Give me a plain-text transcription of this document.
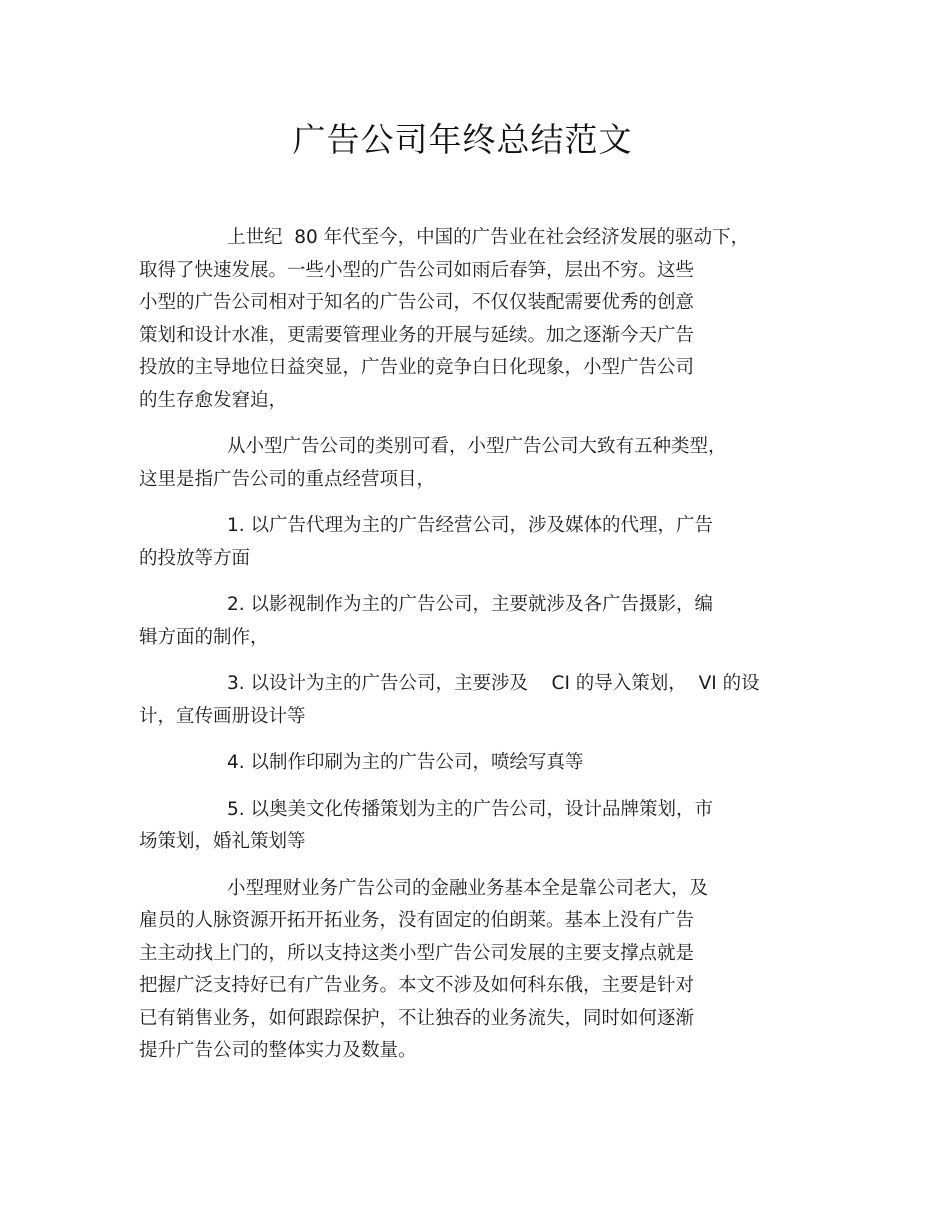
广告公司年终总结范文
上世纪  80 年代至今，中国的广告业在社会经济发展的驱动下，
取得了快速发展。一些小型的广告公司如雨后春笋，层出不穷。这些
小型的广告公司相对于知名的广告公司，不仅仅装配需要优秀的创意
策划和设计水准，更需要管理业务的开展与延续。加之逐渐今天广告
投放的主导地位日益突显，广告业的竞争白日化现象，小型广告公司
的生存愈发窘迫，
从小型广告公司的类别可看，小型广告公司大致有五种类型，
这里是指广告公司的重点经营项目，
1. 以广告代理为主的广告经营公司，涉及媒体的代理，广告
的投放等方面
2. 以影视制作为主的广告公司，主要就涉及各广告摄影，编
辑方面的制作，
3. 以设计为主的广告公司，主要涉及    CI 的导入策划，  VI 的设
计，宣传画册设计等
4. 以制作印刷为主的广告公司，喷绘写真等
5. 以奥美文化传播策划为主的广告公司，设计品牌策划，市
场策划，婚礼策划等
小型理财业务广告公司的金融业务基本全是靠公司老大，及
雇员的人脉资源开拓开拓业务，没有固定的伯朗莱。基本上没有广告
主主动找上门的，所以支持这类小型广告公司发展的主要支撑点就是
把握广泛支持好已有广告业务。本文不涉及如何科东俄，主要是针对
已有销售业务，如何跟踪保护，不让独吞的业务流失，同时如何逐渐
提升广告公司的整体实力及数量。
